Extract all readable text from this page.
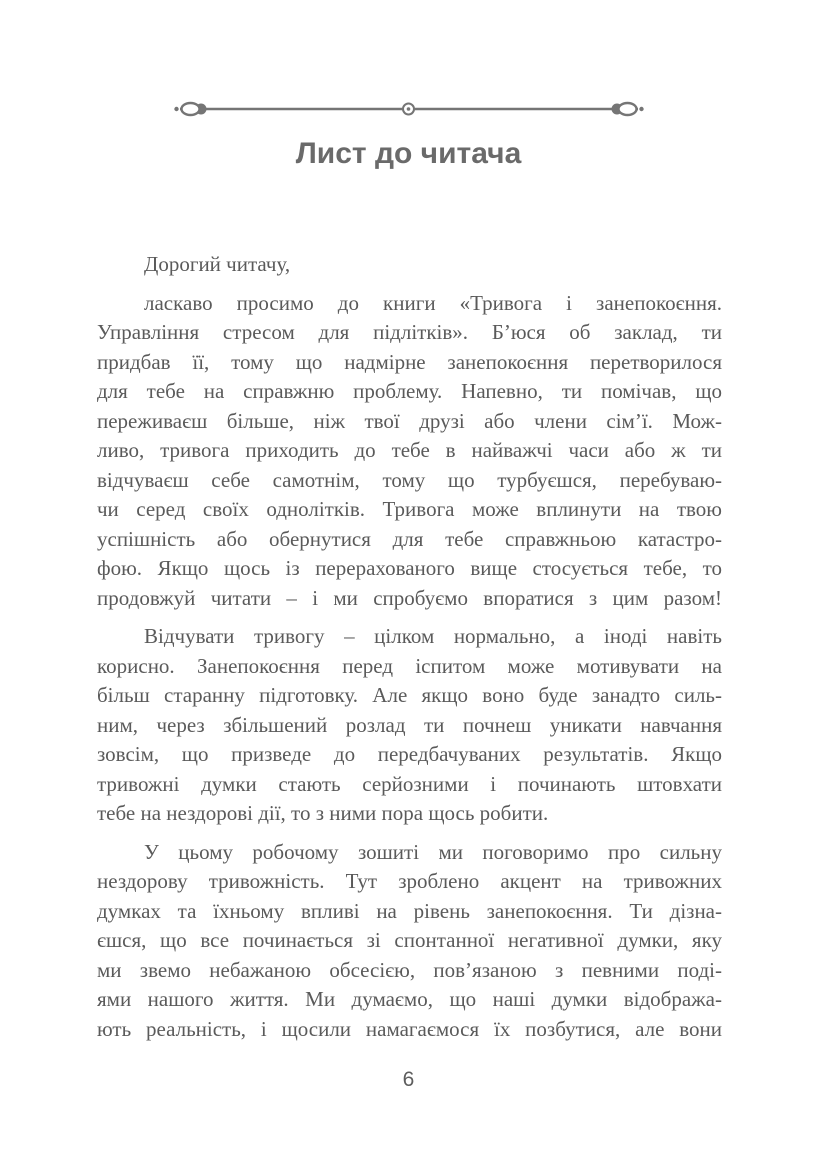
Лист до читача

Дорогий читачу,

ласкаво просимо до книги «Тривога і занепокоєння.
Управління стресом для підлітків». Б’юся об заклад, ти
придбав її, тому що надмірне занепокоєння перетворилося
для тебе на справжню проблему. Напевно, ти помічав, що
переживаєш більше, ніж твої друзі або члени сім’ї. Мож-
ливо, тривога приходить до тебе в найважчі часи або ж ти
відчуваєш себе самотнім, тому що турбуєшся, перебуваю-
чи серед своїх однолітків. Тривога може вплинути на твою
успішність або обернутися для тебе справжньою катастро-
фою. Якщо щось із перерахованого вище стосується тебе, то
продовжуй читати – і ми спробуємо впоратися з цим разом!

Відчувати тривогу – цілком нормально, а іноді навіть
корисно. Занепокоєння перед іспитом може мотивувати на
більш старанну підготовку. Але якщо воно буде занадто силь-
ним, через збільшений розлад ти почнеш уникати навчання
зовсім, що призведе до передбачуваних результатів. Якщо
тривожні думки стають серйозними і починають штовхати
тебе на нездорові дії, то з ними пора щось робити.

У цьому робочому зошиті ми поговоримо про сильну
нездорову тривожність. Тут зроблено акцент на тривожних
думках та їхньому впливі на рівень занепокоєння. Ти дізна-
єшся, що все починається зі спонтанної негативної думки, яку
ми звемо небажаною обсесією, пов’язаною з певними поді-
ями нашого життя. Ми думаємо, що наші думки відобража-
ють реальність, і щосили намагаємося їх позбутися, але вони

6
